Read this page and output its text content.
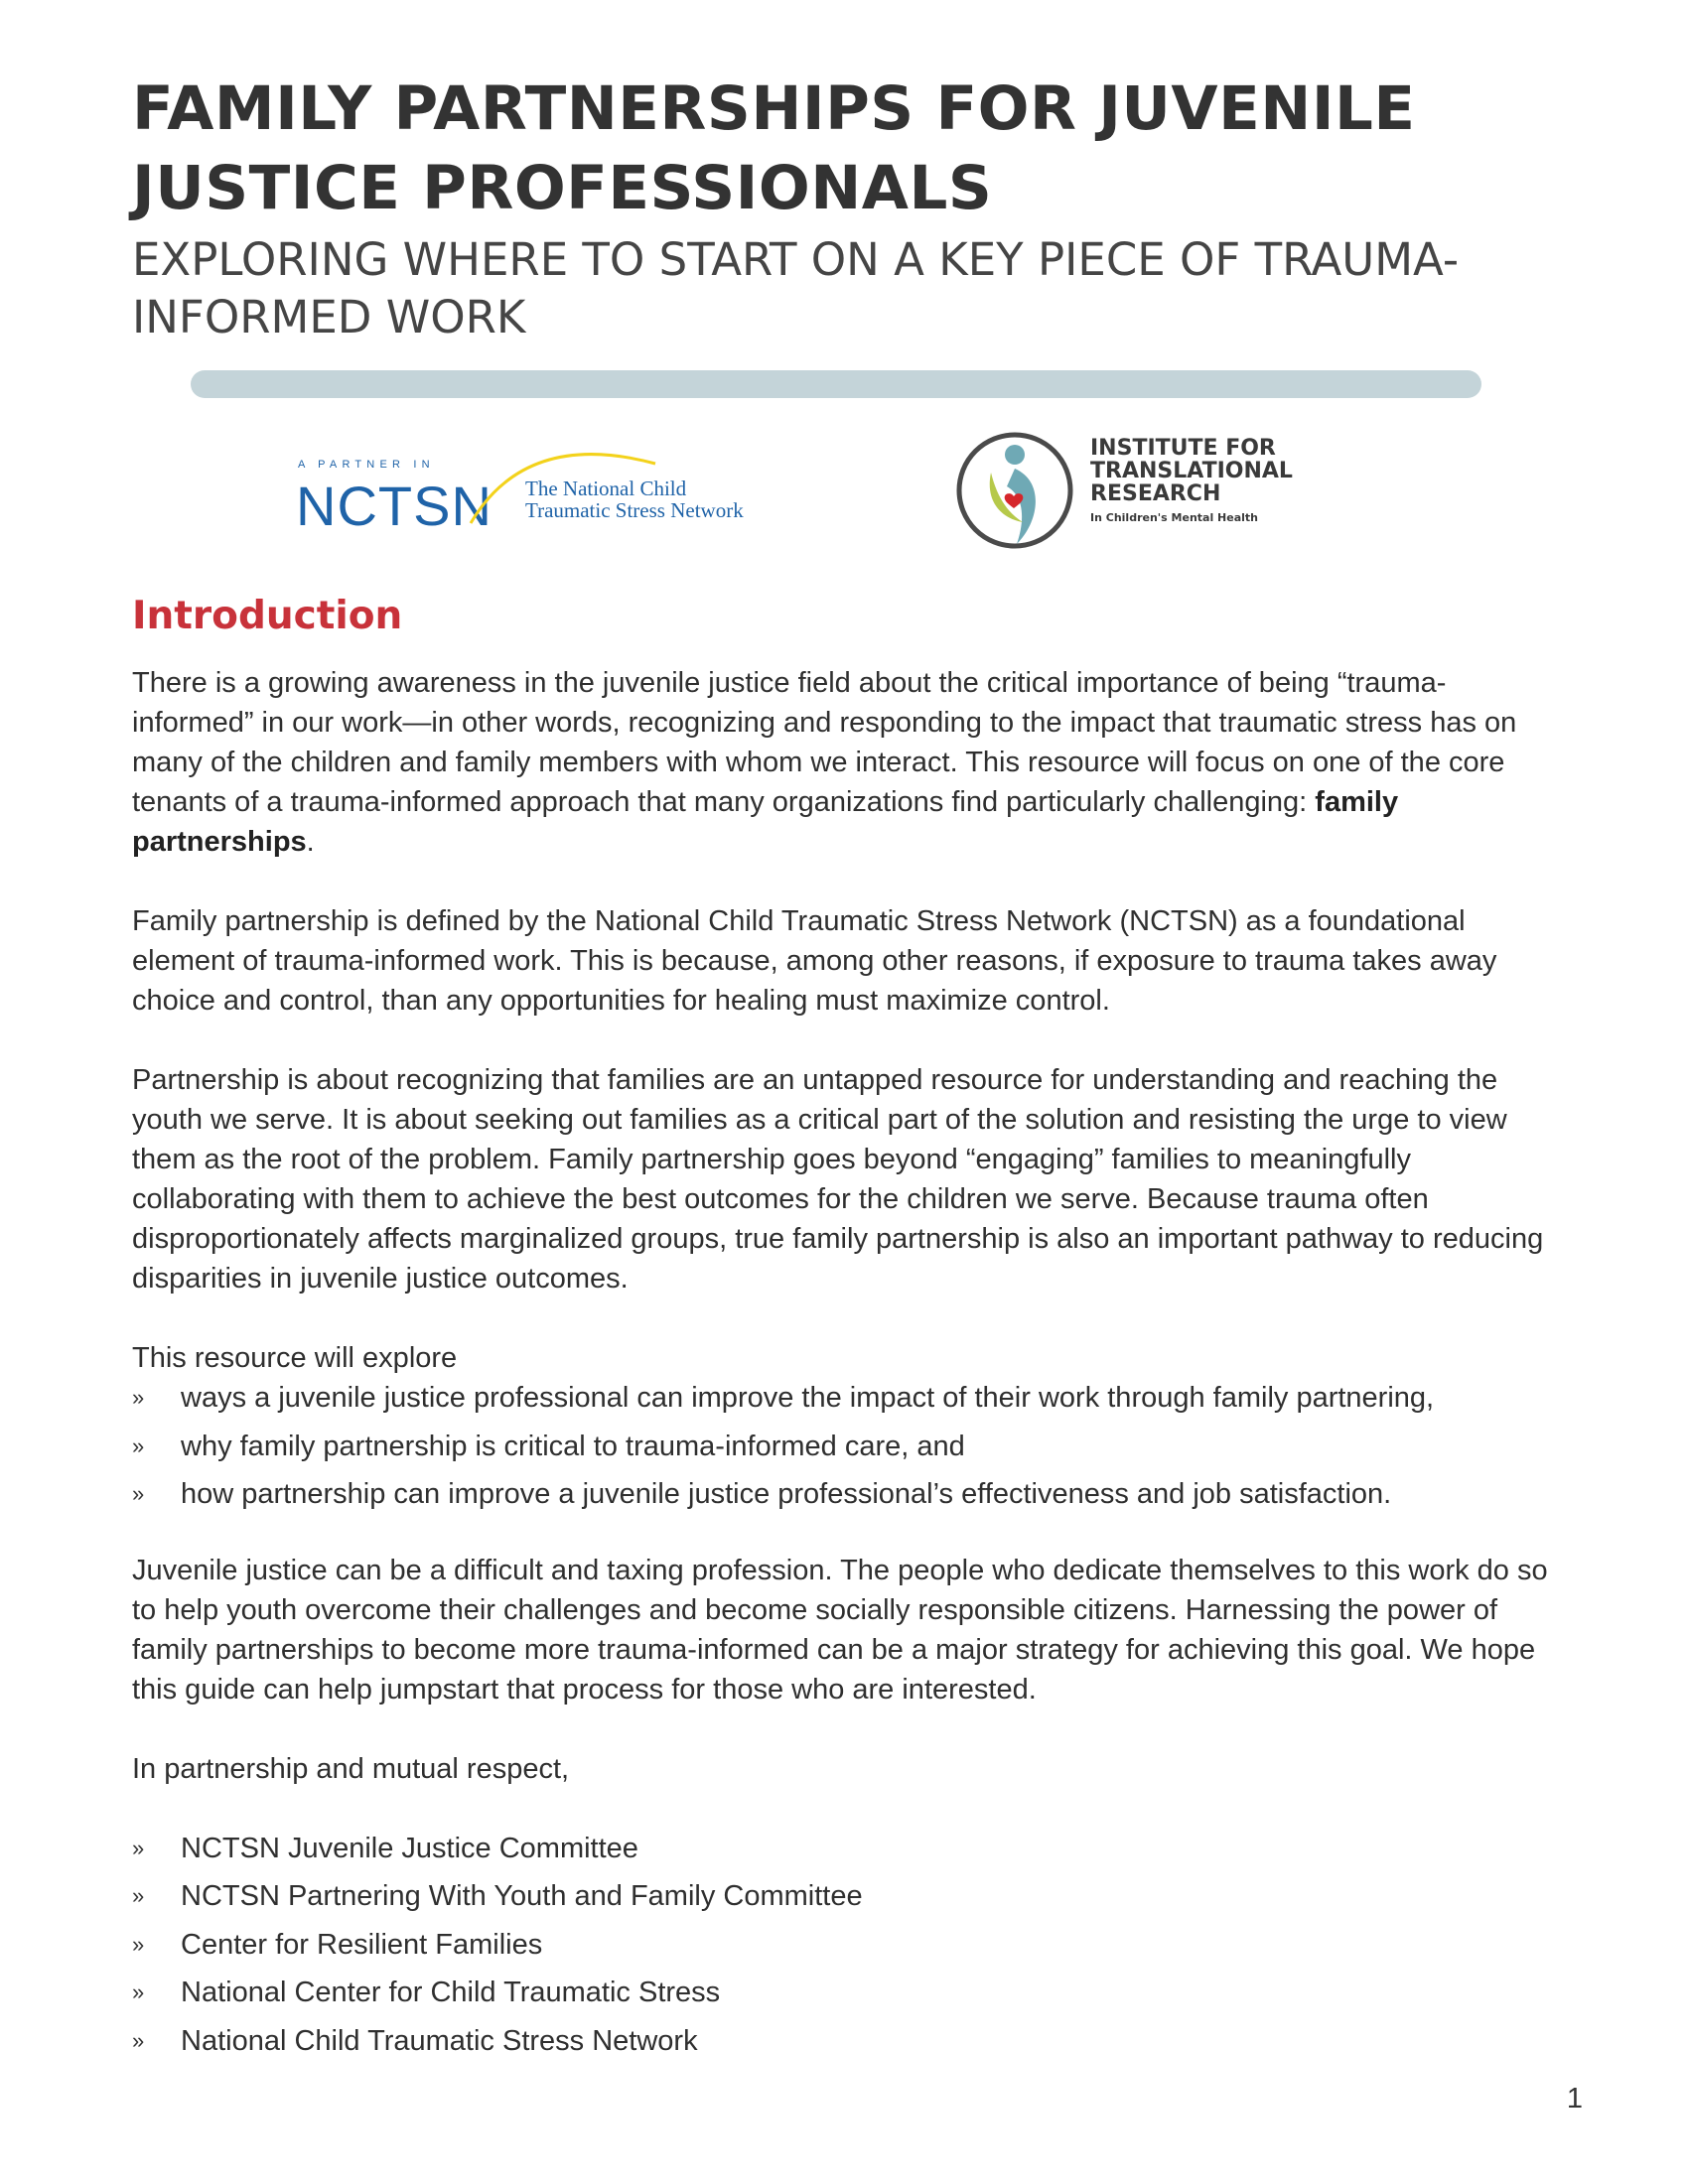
FAMILY PARTNERSHIPS FOR JUVENILE JUSTICE PROFESSIONALS
EXPLORING WHERE TO START ON A KEY PIECE OF TRAUMA-INFORMED WORK
A PARTNER IN
NCTSN The National Child
Traumatic Stress Network
INSTITUTE FOR
TRANSLATIONAL
RESEARCH
In Children's Mental Health
Introduction

There is a growing awareness in the juvenile justice field about the critical importance of being “trauma-informed” in our work—in other words, recognizing and responding to the impact that traumatic stress has on many of the children and family members with whom we interact. This resource will focus on one of the core tenants of a trauma-informed approach that many organizations find particularly challenging: family partnerships.

Family partnership is defined by the National Child Traumatic Stress Network (NCTSN) as a foundational element of trauma-informed work. This is because, among other reasons, if exposure to trauma takes away choice and control, than any opportunities for healing must maximize control.

Partnership is about recognizing that families are an untapped resource for understanding and reaching the youth we serve. It is about seeking out families as a critical part of the solution and resisting the urge to view them as the root of the problem. Family partnership goes beyond “engaging” families to meaningfully collaborating with them to achieve the best outcomes for the children we serve. Because trauma often disproportionately affects marginalized groups, true family partnership is also an important pathway to reducing disparities in juvenile justice outcomes.

This resource will explore

» ways a juvenile justice professional can improve the impact of their work through family partnering,
» why family partnership is critical to trauma-informed care, and
» how partnership can improve a juvenile justice professional’s effectiveness and job satisfaction.

Juvenile justice can be a difficult and taxing profession. The people who dedicate themselves to this work do so to help youth overcome their challenges and become socially responsible citizens. Harnessing the power of family partnerships to become more trauma-informed can be a major strategy for achieving this goal. We hope this guide can help jumpstart that process for those who are interested.

In partnership and mutual respect,

» NCTSN Juvenile Justice Committee
» NCTSN Partnering With Youth and Family Committee
» Center for Resilient Families
» National Center for Child Traumatic Stress
» National Child Traumatic Stress Network
1
